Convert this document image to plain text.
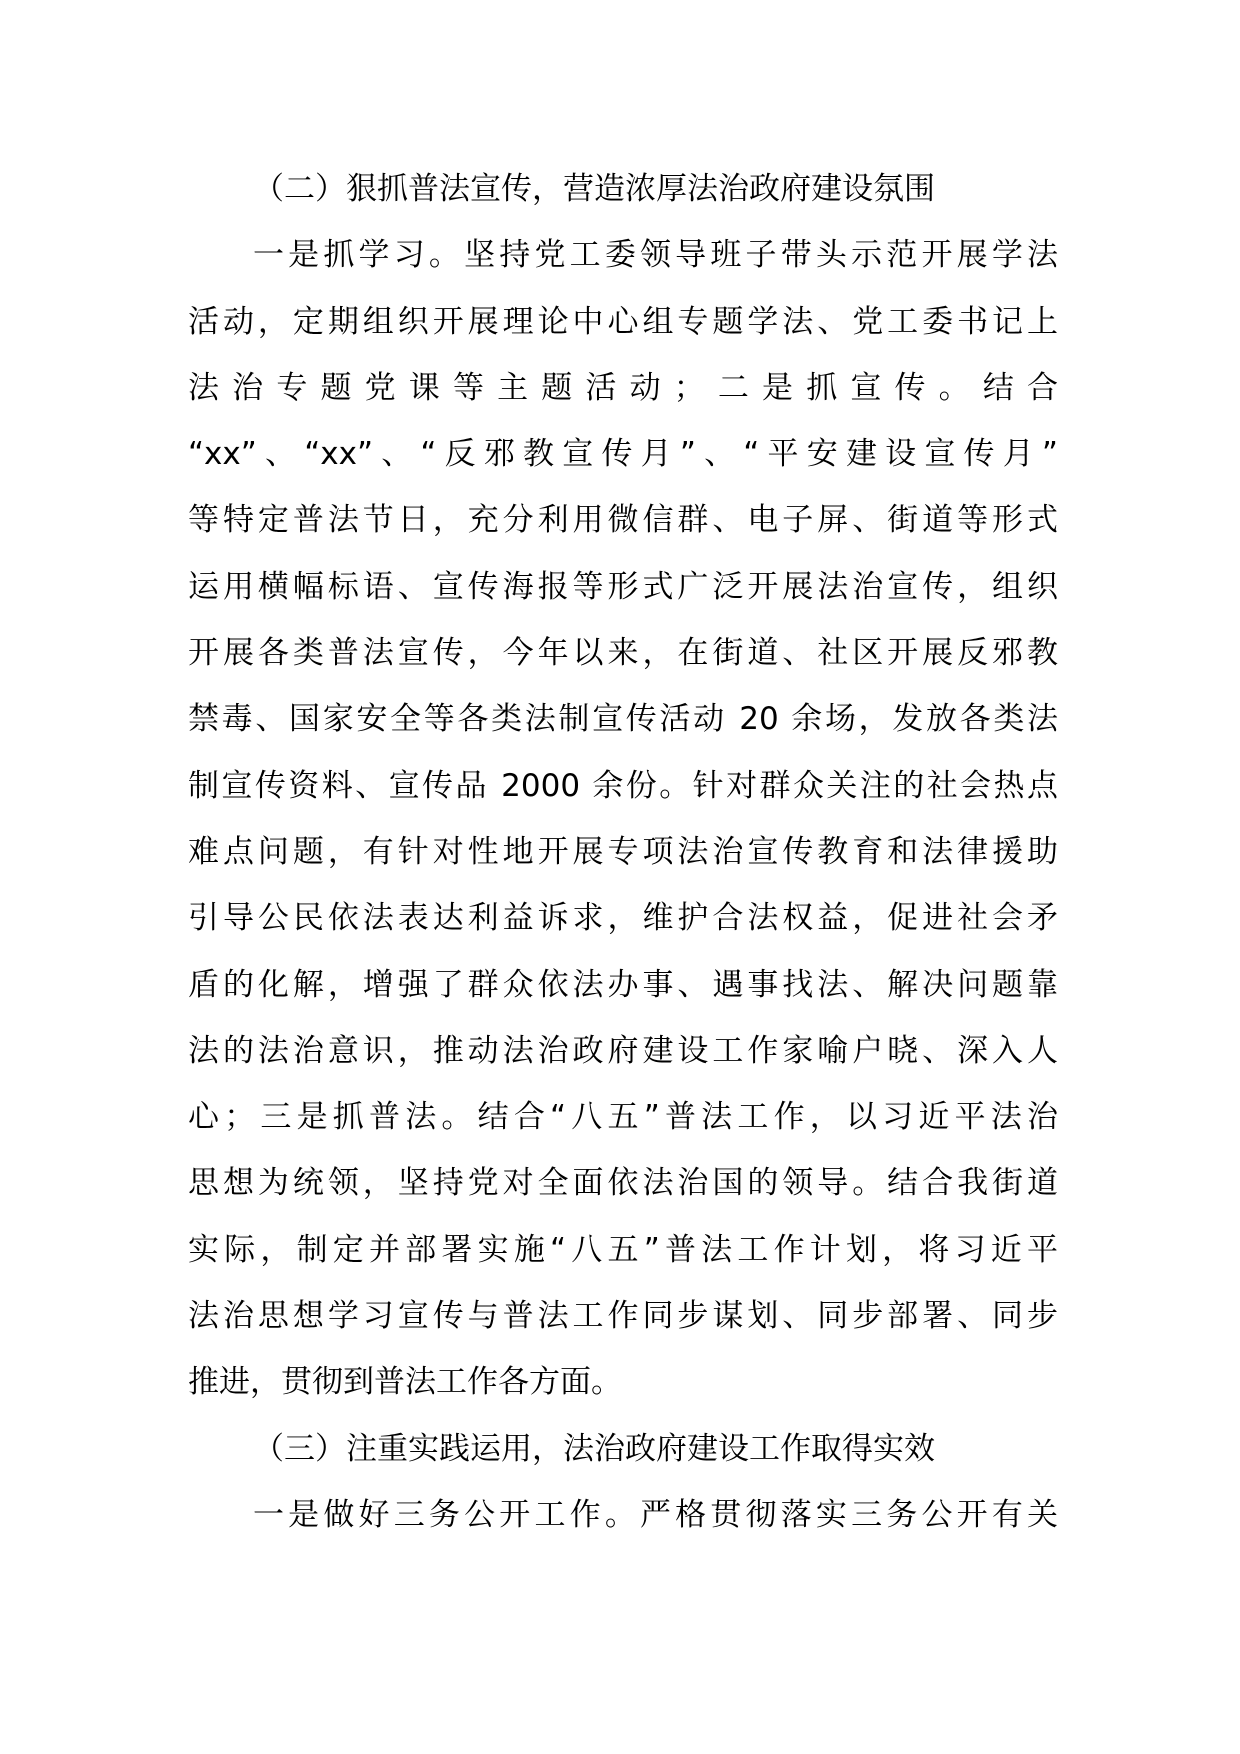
（二）狠抓普法宣传，营造浓厚法治政府建设氛围
一是抓学习。坚持党工委领导班子带头示范开展学法
活动，定期组织开展理论中心组专题学法、党工委书记上
法治专题党课等主题活动；二是抓宣传。结合
“xx”、“xx”、“反邪教宣传月”、“平安建设宣传月”
等特定普法节日，充分利用微信群、电子屏、街道等形式
运用横幅标语、宣传海报等形式广泛开展法治宣传，组织
开展各类普法宣传，今年以来，在街道、社区开展反邪教
禁毒、国家安全等各类法制宣传活动 20 余场，发放各类法
制宣传资料、宣传品 2000 余份。针对群众关注的社会热点
难点问题，有针对性地开展专项法治宣传教育和法律援助
引导公民依法表达利益诉求，维护合法权益，促进社会矛
盾的化解，增强了群众依法办事、遇事找法、解决问题靠
法的法治意识，推动法治政府建设工作家喻户晓、深入人
心；三是抓普法。结合“八五”普法工作，以习近平法治
思想为统领，坚持党对全面依法治国的领导。结合我街道
实际，制定并部署实施“八五”普法工作计划，将习近平
法治思想学习宣传与普法工作同步谋划、同步部署、同步
推进，贯彻到普法工作各方面。
（三）注重实践运用，法治政府建设工作取得实效
一是做好三务公开工作。严格贯彻落实三务公开有关
